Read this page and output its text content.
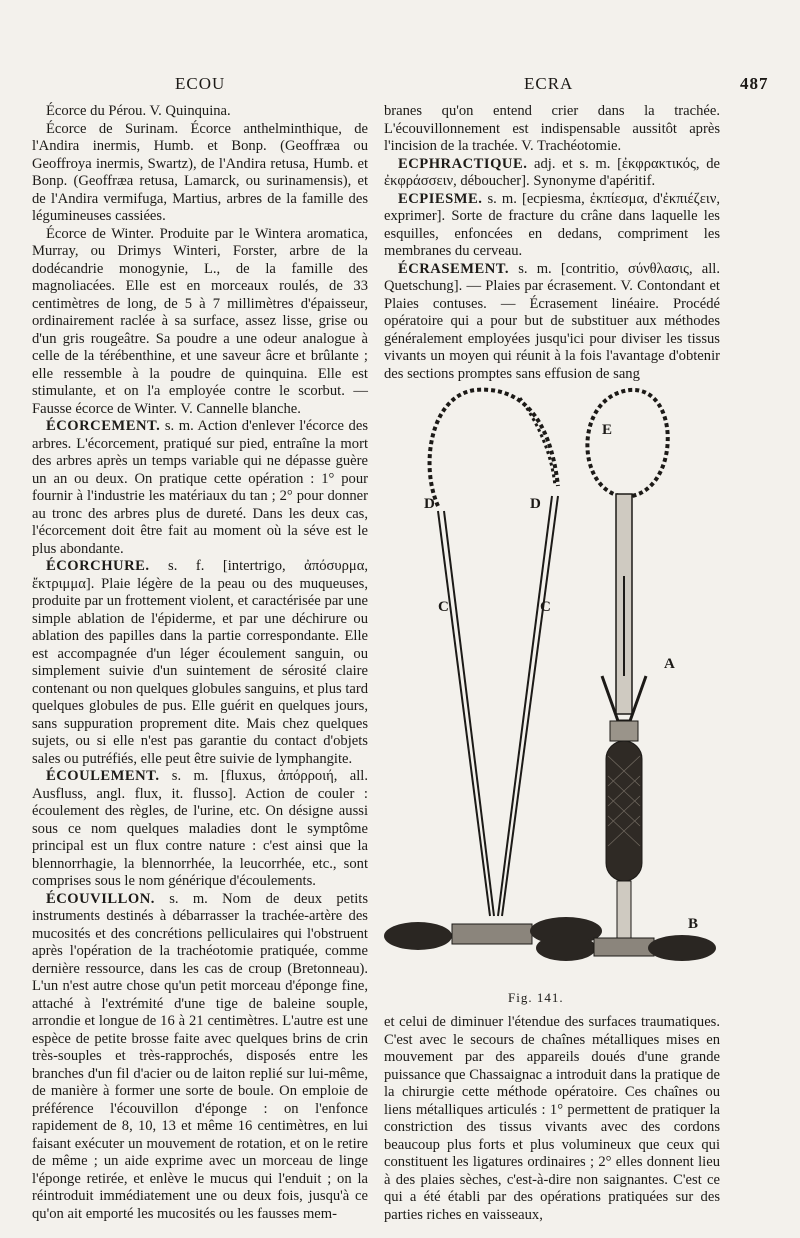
ECOU	ECRA	487

Écorce du Pérou. V. Quinquina.

Écorce de Surinam. Écorce anthelminthique, de l'Andira inermis, Humb. et Bonp. (Geoffræa ou Geoffroya inermis, Swartz), de l'Andira retusa, Humb. et Bonp. (Geoffræa retusa, Lamarck, ou surinamensis), et de l'Andira vermifuga, Martius, arbres de la famille des légumineuses cassiées.

Écorce de Winter. Produite par le Wintera aromatica, Murray, ou Drimys Winteri, Forster, arbre de la dodécandrie monogynie, L., de la famille des magnoliacées. Elle est en morceaux roulés, de 33 centimètres de long, de 5 à 7 millimètres d'épaisseur, ordinairement raclée à sa surface, assez lisse, grise ou d'un gris rougeâtre. Sa poudre a une odeur analogue à celle de la térébenthine, et une saveur âcre et brûlante ; elle ressemble à la poudre de quinquina. Elle est stimulante, et on l'a employée contre le scorbut. — Fausse écorce de Winter. V. Cannelle blanche.

ÉCORCEMENT. s. m. Action d'enlever l'écorce des arbres. L'écorcement, pratiqué sur pied, entraîne la mort des arbres après un temps variable qui ne dépasse guère un an ou deux. On pratique cette opération : 1° pour fournir à l'industrie les matériaux du tan ; 2° pour donner au tronc des arbres plus de dureté. Dans les deux cas, l'écorcement doit être fait au moment où la séve est le plus abondante.

ÉCORCHURE. s. f. [intertrigo, ἀπόσυρμα, ἔκτριμμα]. Plaie légère de la peau ou des muqueuses, produite par un frottement violent, et caractérisée par une simple ablation de l'épiderme, et par une déchirure ou ablation des papilles dans la partie correspondante. Elle est accompagnée d'un léger écoulement sanguin, ou simplement suivie d'un suintement de sérosité claire contenant ou non quelques globules sanguins, et plus tard quelques globules de pus. Elle guérit en quelques jours, sans suppuration proprement dite. Mais chez quelques sujets, ou si elle n'est pas garantie du contact d'objets sales ou putréfiés, elle peut être suivie de lymphangite.

ÉCOULEMENT. s. m. [fluxus, ἀπόρροιή, all. Ausfluss, angl. flux, it. flusso]. Action de couler : écoulement des règles, de l'urine, etc. On désigne aussi sous ce nom quelques maladies dont le symptôme principal est un flux contre nature : c'est ainsi que la blennorrhagie, la blennorrhée, la leucorrhée, etc., sont comprises sous le nom générique d'écoulements.

ÉCOUVILLON. s. m. Nom de deux petits instruments destinés à débarrasser la trachée-artère des mucosités et des concrétions pelliculaires qui l'obstruent après l'opération de la trachéotomie pratiquée, comme dernière ressource, dans les cas de croup (Bretonneau). L'un n'est autre chose qu'un petit morceau d'éponge fine, attaché à l'extrémité d'une tige de baleine souple, arrondie et longue de 16 à 21 centimètres. L'autre est une espèce de petite brosse faite avec quelques brins de crin très-souples et très-rapprochés, disposés entre les branches d'un fil d'acier ou de laiton replié sur lui-même, de manière à former une sorte de boule. On emploie de préférence l'écouvillon d'éponge : on l'enfonce rapidement de 8, 10, 13 et même 16 centimètres, en lui faisant exécuter un mouvement de rotation, et on le retire de même ; un aide exprime avec un morceau de linge l'éponge retirée, et enlève le mucus qui l'enduit ; on la réintroduit immédiatement une ou deux fois, jusqu'à ce qu'on ait emporté les mucosités ou les fausses mem-

branes qu'on entend crier dans la trachée. L'écouvillonnement est indispensable aussitôt après l'incision de la trachée. V. Trachéotomie.

ECPHRACTIQUE. adj. et s. m. [ἐκφρακτικός, de ἐκφράσσειν, déboucher]. Synonyme d'apéritif.

ECPIESME. s. m. [ecpiesma, ἐκπίεσμα, d'ἐκπιέζειν, exprimer]. Sorte de fracture du crâne dans laquelle les esquilles, enfoncées en dedans, compriment les membranes du cerveau.

ÉCRASEMENT. s. m. [contritio, σύνθλασις, all. Quetschung]. — Plaies par écrasement. V. Contondant et Plaies contuses. — Écrasement linéaire. Procédé opératoire qui a pour but de substituer aux méthodes généralement employées jusqu'ici pour diviser les tissus vivants un moyen qui réunit à la fois l'avantage d'obtenir des sections promptes sans effusion de sang

D	D
C	C
E
A
B
Fig. 141.

et celui de diminuer l'étendue des surfaces traumatiques. C'est avec le secours de chaînes métalliques mises en mouvement par des appareils doués d'une grande puissance que Chassaignac a introduit dans la pratique de la chirurgie cette méthode opératoire. Ces chaînes ou liens métalliques articulés : 1° permettent de pratiquer la constriction des tissus vivants avec des cordons beaucoup plus forts et plus volumineux que ceux qui constituent les ligatures ordinaires ; 2° elles donnent lieu à des plaies sèches, c'est-à-dire non saignantes. C'est ce qui a été établi par des opérations pratiquées sur des parties riches en vaisseaux,
